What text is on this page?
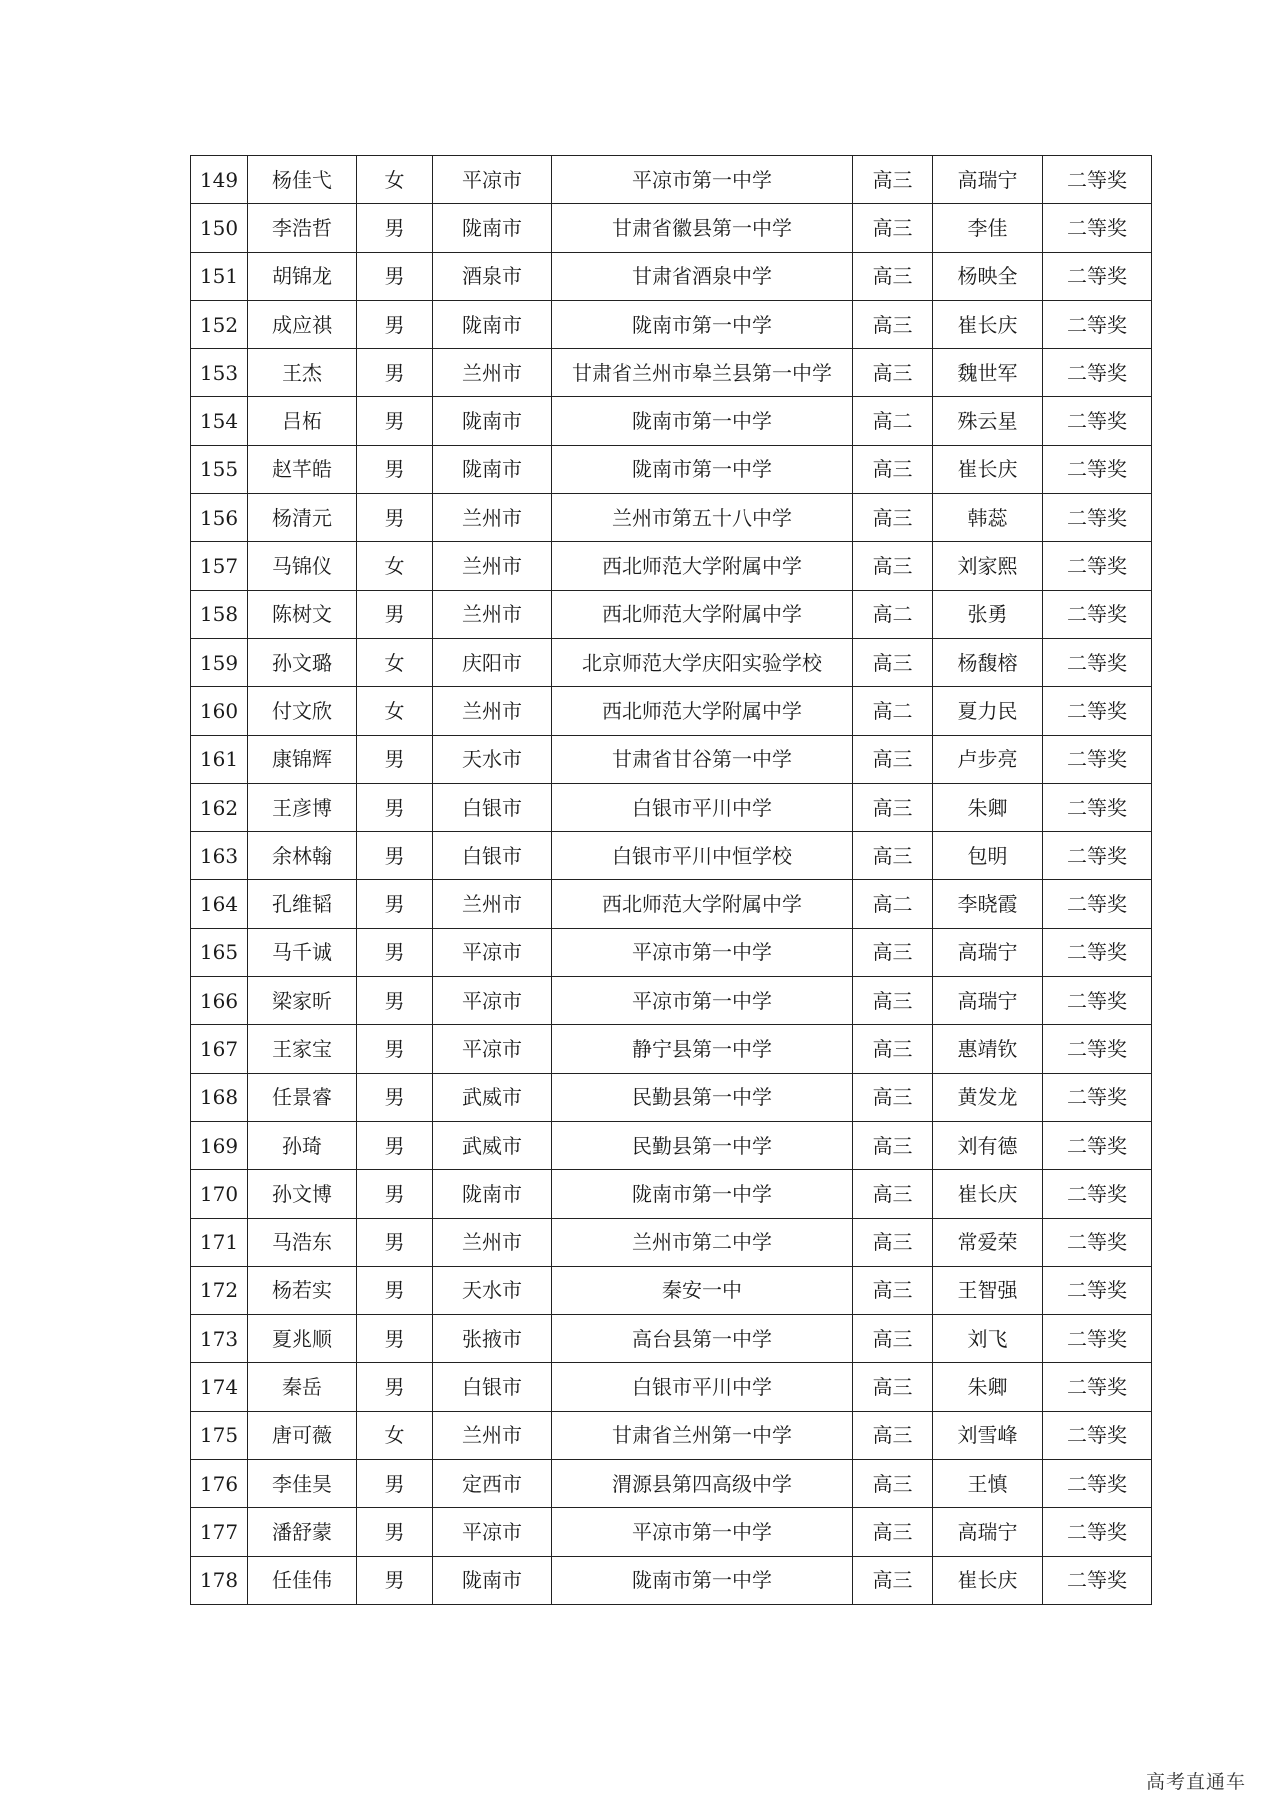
149	杨佳弋	女	平凉市	平凉市第一中学	高三	高瑞宁	二等奖
150	李浩哲	男	陇南市	甘肃省徽县第一中学	高三	李佳	二等奖
151	胡锦龙	男	酒泉市	甘肃省酒泉中学	高三	杨映全	二等奖
152	成应祺	男	陇南市	陇南市第一中学	高三	崔长庆	二等奖
153	王杰	男	兰州市	甘肃省兰州市皋兰县第一中学	高三	魏世军	二等奖
154	吕柘	男	陇南市	陇南市第一中学	高二	殊云星	二等奖
155	赵芊皓	男	陇南市	陇南市第一中学	高三	崔长庆	二等奖
156	杨清元	男	兰州市	兰州市第五十八中学	高三	韩蕊	二等奖
157	马锦仪	女	兰州市	西北师范大学附属中学	高三	刘家熙	二等奖
158	陈树文	男	兰州市	西北师范大学附属中学	高二	张勇	二等奖
159	孙文璐	女	庆阳市	北京师范大学庆阳实验学校	高三	杨馥榕	二等奖
160	付文欣	女	兰州市	西北师范大学附属中学	高二	夏力民	二等奖
161	康锦辉	男	天水市	甘肃省甘谷第一中学	高三	卢步亮	二等奖
162	王彦博	男	白银市	白银市平川中学	高三	朱卿	二等奖
163	余林翰	男	白银市	白银市平川中恒学校	高三	包明	二等奖
164	孔维韬	男	兰州市	西北师范大学附属中学	高二	李晓霞	二等奖
165	马千诚	男	平凉市	平凉市第一中学	高三	高瑞宁	二等奖
166	梁家昕	男	平凉市	平凉市第一中学	高三	高瑞宁	二等奖
167	王家宝	男	平凉市	静宁县第一中学	高三	惠靖钦	二等奖
168	任景睿	男	武威市	民勤县第一中学	高三	黄发龙	二等奖
169	孙琦	男	武威市	民勤县第一中学	高三	刘有德	二等奖
170	孙文博	男	陇南市	陇南市第一中学	高三	崔长庆	二等奖
171	马浩东	男	兰州市	兰州市第二中学	高三	常爱荣	二等奖
172	杨若实	男	天水市	秦安一中	高三	王智强	二等奖
173	夏兆顺	男	张掖市	高台县第一中学	高三	刘飞	二等奖
174	秦岳	男	白银市	白银市平川中学	高三	朱卿	二等奖
175	唐可薇	女	兰州市	甘肃省兰州第一中学	高三	刘雪峰	二等奖
176	李佳昊	男	定西市	渭源县第四高级中学	高三	王慎	二等奖
177	潘舒蒙	男	平凉市	平凉市第一中学	高三	高瑞宁	二等奖
178	任佳伟	男	陇南市	陇南市第一中学	高三	崔长庆	二等奖
高考直通车
